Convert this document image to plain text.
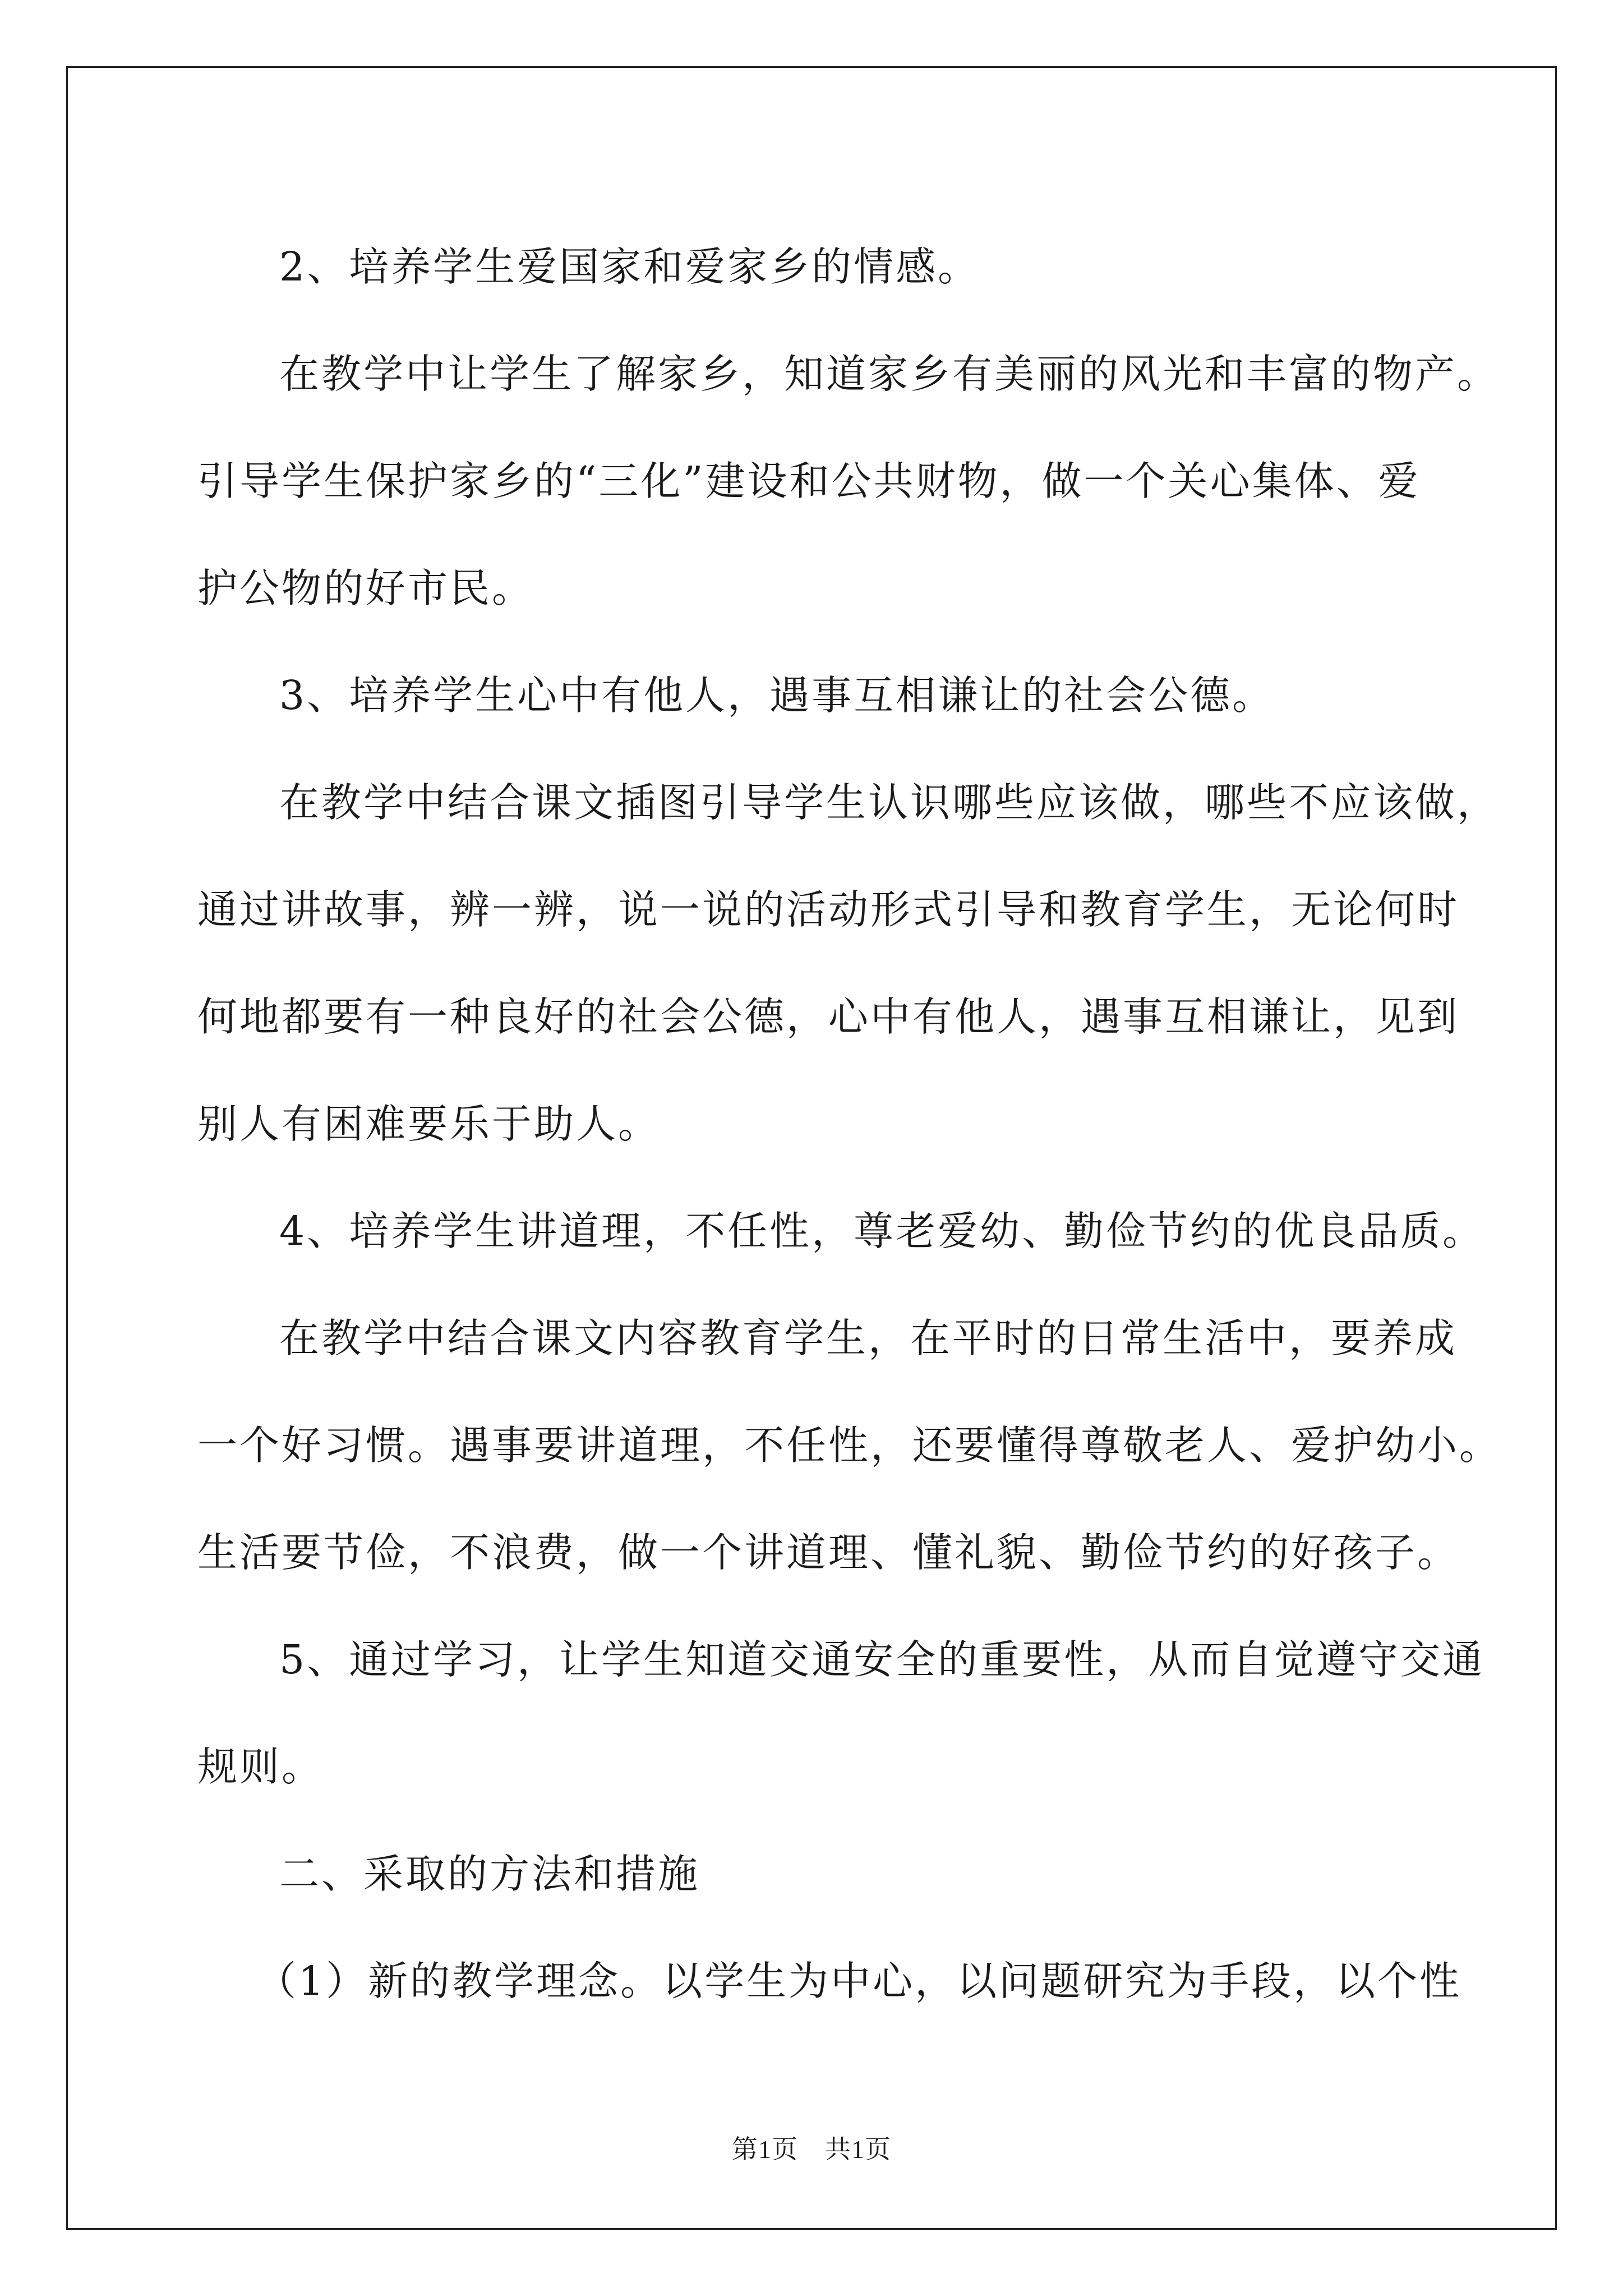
2、培养学生爱国家和爱家乡的情感。

在教学中让学生了解家乡，知道家乡有美丽的风光和丰富的物产。

引导学生保护家乡的“三化”建设和公共财物，做一个关心集体、爱

护公物的好市民。

3、培养学生心中有他人，遇事互相谦让的社会公德。

在教学中结合课文插图引导学生认识哪些应该做，哪些不应该做，

通过讲故事，辨一辨，说一说的活动形式引导和教育学生，无论何时

何地都要有一种良好的社会公德，心中有他人，遇事互相谦让，见到

别人有困难要乐于助人。

4、培养学生讲道理，不任性，尊老爱幼、勤俭节约的优良品质。

在教学中结合课文内容教育学生，在平时的日常生活中，要养成

一个好习惯。遇事要讲道理，不任性，还要懂得尊敬老人、爱护幼小。

生活要节俭，不浪费，做一个讲道理、懂礼貌、勤俭节约的好孩子。

5、通过学习，让学生知道交通安全的重要性，从而自觉遵守交通

规则。

二、采取的方法和措施

（1）新的教学理念。以学生为中心，以问题研究为手段，以个性

第1页 共1页
